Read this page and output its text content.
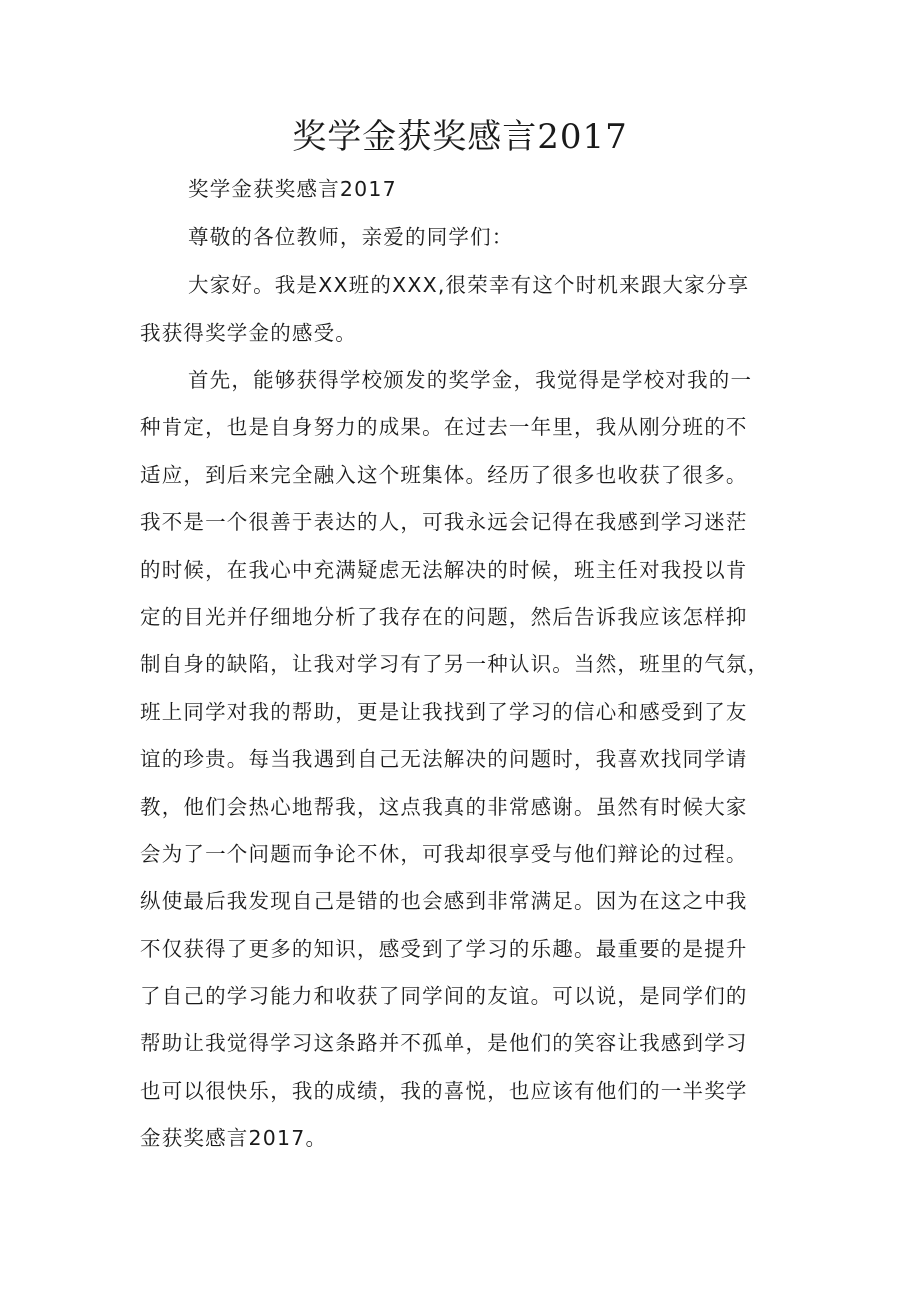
奖学金获奖感言2017

奖学金获奖感言2017

尊敬的各位教师，亲爱的同学们：

大家好。我是XX班的XXX,很荣幸有这个时机来跟大家分享
我获得奖学金的感受。

首先，能够获得学校颁发的奖学金，我觉得是学校对我的一
种肯定，也是自身努力的成果。在过去一年里，我从刚分班的不
适应，到后来完全融入这个班集体。经历了很多也收获了很多。
我不是一个很善于表达的人，可我永远会记得在我感到学习迷茫
的时候，在我心中充满疑虑无法解决的时候，班主任对我投以肯
定的目光并仔细地分析了我存在的问题，然后告诉我应该怎样抑
制自身的缺陷，让我对学习有了另一种认识。当然，班里的气氛，
班上同学对我的帮助，更是让我找到了学习的信心和感受到了友
谊的珍贵。每当我遇到自己无法解决的问题时，我喜欢找同学请
教，他们会热心地帮我，这点我真的非常感谢。虽然有时候大家
会为了一个问题而争论不休，可我却很享受与他们辩论的过程。
纵使最后我发现自己是错的也会感到非常满足。因为在这之中我
不仅获得了更多的知识，感受到了学习的乐趣。最重要的是提升
了自己的学习能力和收获了同学间的友谊。可以说，是同学们的
帮助让我觉得学习这条路并不孤单，是他们的笑容让我感到学习
也可以很快乐，我的成绩，我的喜悦，也应该有他们的一半奖学
金获奖感言2017。
